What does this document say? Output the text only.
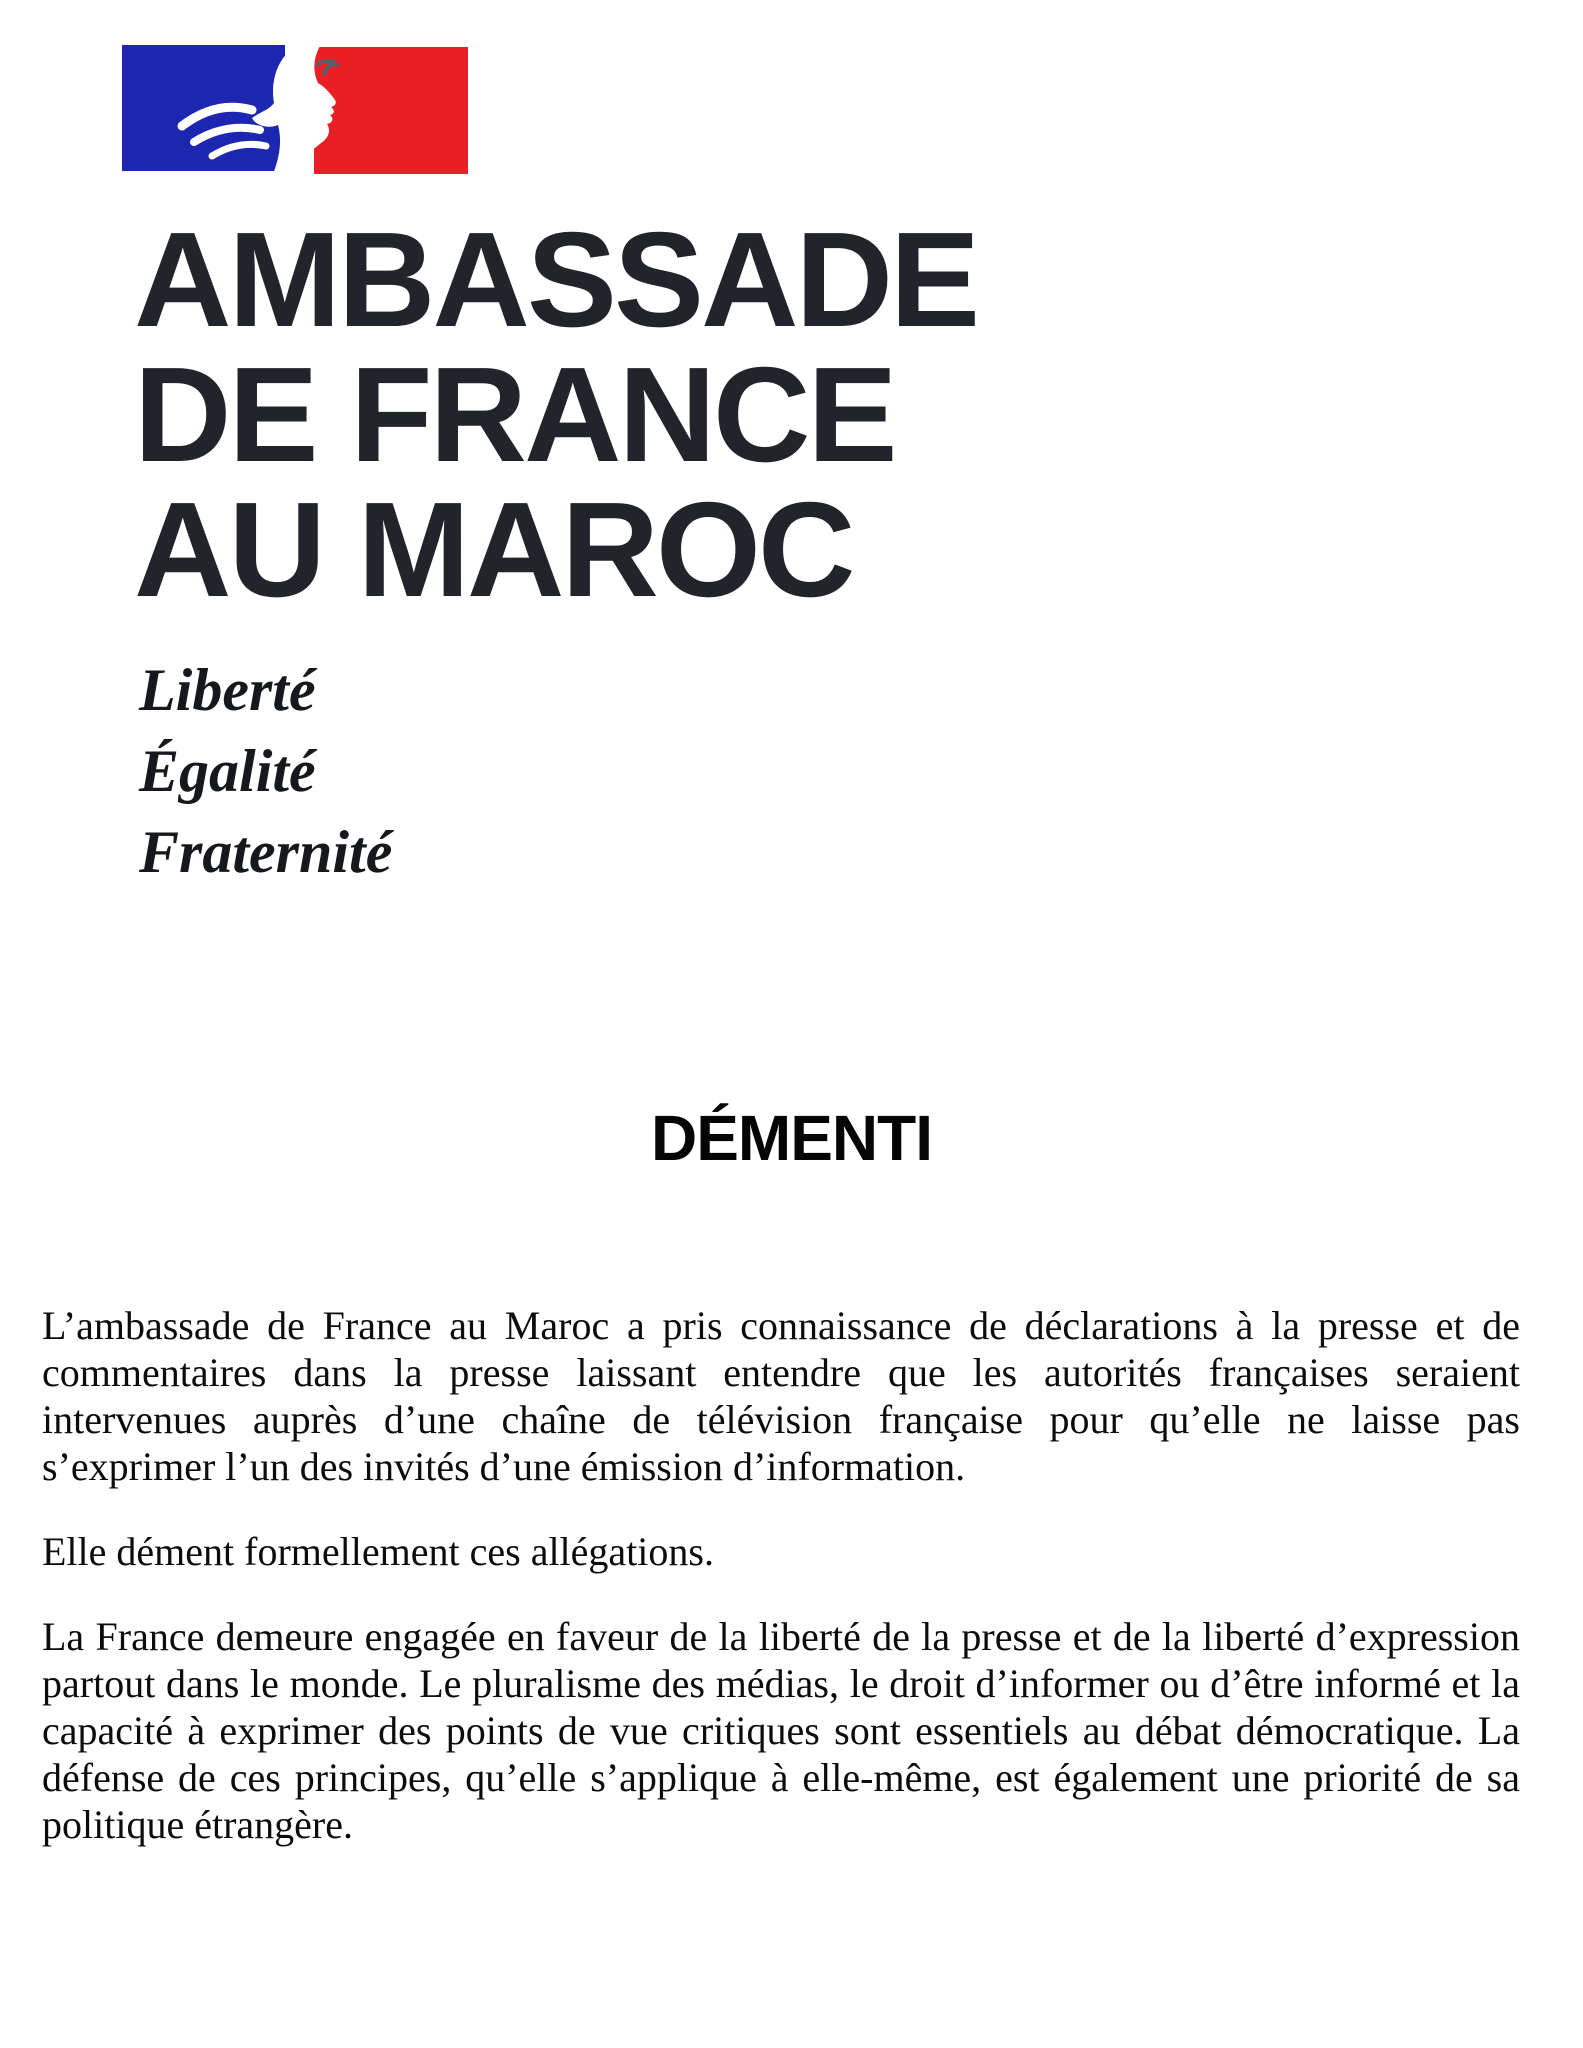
AMBASSADE
DE FRANCE
AU MAROC
Liberté
Égalité
Fraternité
DÉMENTI

L’ambassade de France au Maroc a pris connaissance de déclarations à la presse et de commentaires dans la presse laissant entendre que les autorités françaises seraient intervenues auprès d’une chaîne de télévision française pour qu’elle ne laisse pas s’exprimer l’un des invités d’une émission d’information.

Elle dément formellement ces allégations.

La France demeure engagée en faveur de la liberté de la presse et de la liberté d’expression partout dans le monde. Le pluralisme des médias, le droit d’informer ou d’être informé et la capacité à exprimer des points de vue critiques sont essentiels au débat démocratique. La défense de ces principes, qu’elle s’applique à elle-même, est également une priorité de sa politique étrangère.
